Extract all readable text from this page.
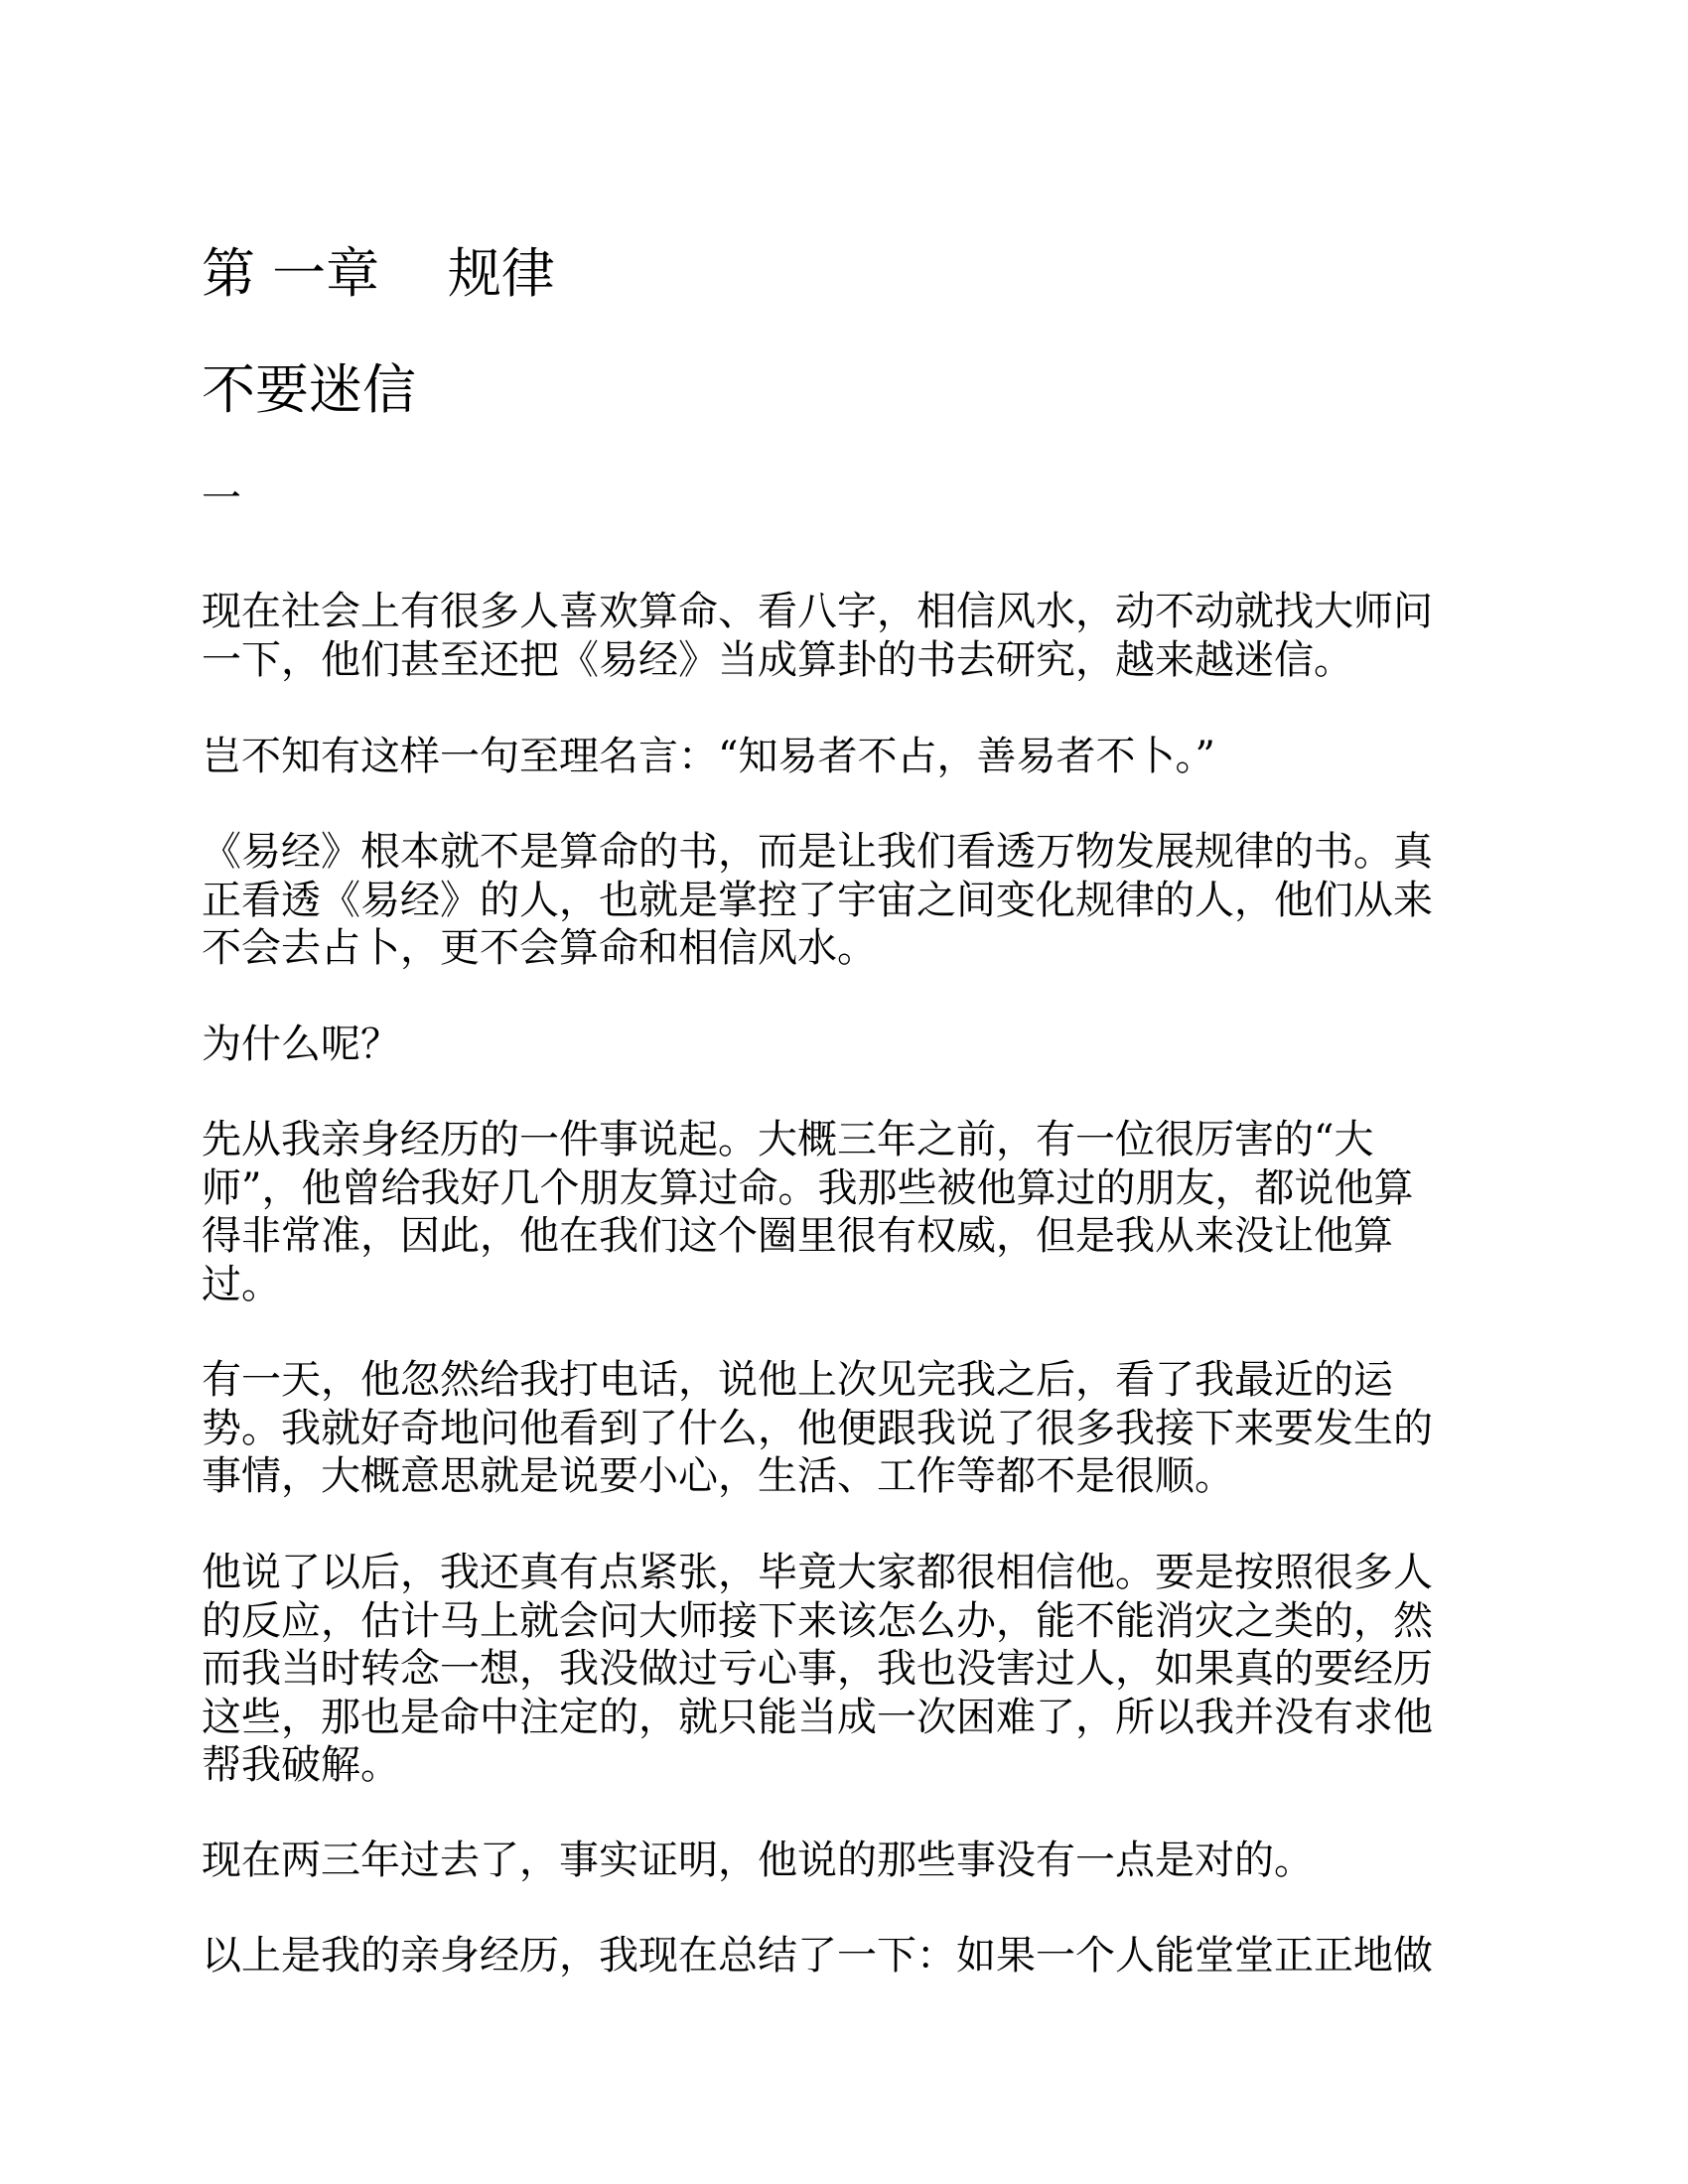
第 一章    规律
不要迷信
一

现在社会上有很多人喜欢算命、看八字，相信风水，动不动就找大师问
一下，他们甚至还把《易经》当成算卦的书去研究，越来越迷信。

岂不知有这样一句至理名言：“知易者不占，善易者不卜。”

《易经》根本就不是算命的书，而是让我们看透万物发展规律的书。真
正看透《易经》的人，也就是掌控了宇宙之间变化规律的人，他们从来
不会去占卜，更不会算命和相信风水。

为什么呢？

先从我亲身经历的一件事说起。大概三年之前，有一位很厉害的“大
师”，他曾给我好几个朋友算过命。我那些被他算过的朋友，都说他算
得非常准，因此，他在我们这个圈里很有权威，但是我从来没让他算
过。

有一天，他忽然给我打电话，说他上次见完我之后，看了我最近的运
势。我就好奇地问他看到了什么，他便跟我说了很多我接下来要发生的
事情，大概意思就是说要小心，生活、工作等都不是很顺。

他说了以后，我还真有点紧张，毕竟大家都很相信他。要是按照很多人
的反应，估计马上就会问大师接下来该怎么办，能不能消灾之类的，然
而我当时转念一想，我没做过亏心事，我也没害过人，如果真的要经历
这些，那也是命中注定的，就只能当成一次困难了，所以我并没有求他
帮我破解。

现在两三年过去了，事实证明，他说的那些事没有一点是对的。

以上是我的亲身经历，我现在总结了一下：如果一个人能堂堂正正地做
